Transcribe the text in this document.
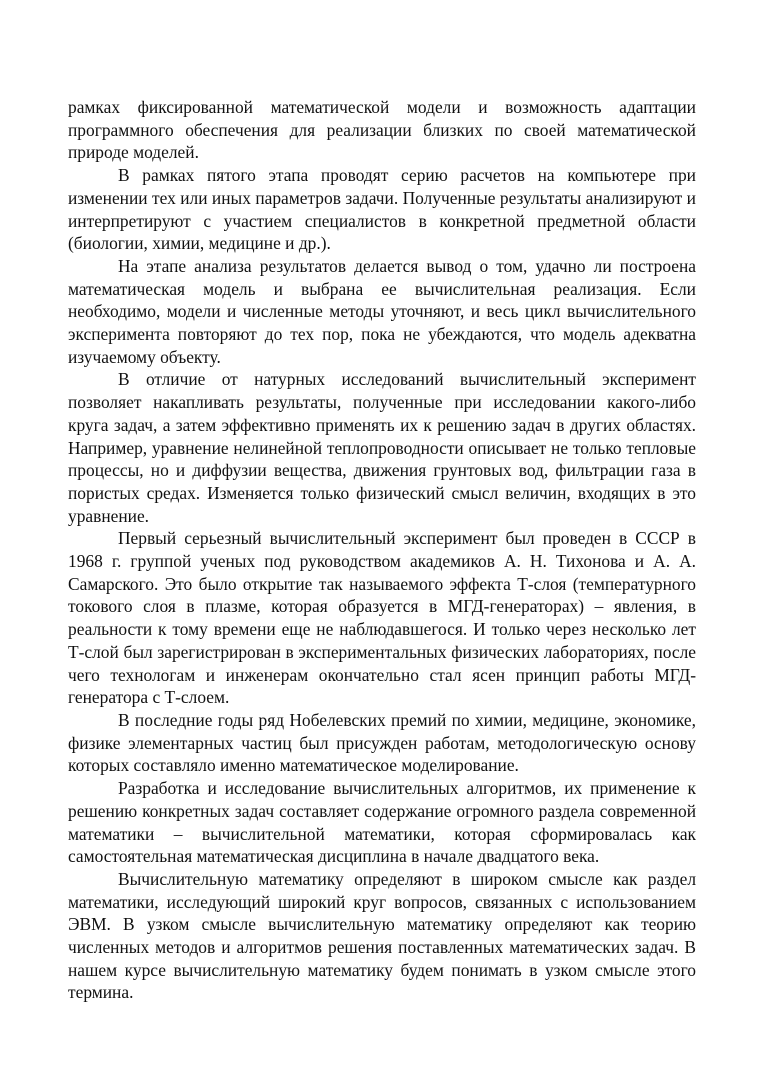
рамках фиксированной математической модели и возможность адаптации программного обеспечения для реализации близких по своей математической природе моделей.

В рамках пятого этапа проводят серию расчетов на компьютере при изменении тех или иных параметров задачи. Полученные результаты анализируют и интерпретируют с участием специалистов в конкретной предметной области (биологии, химии, медицине и др.).

На этапе анализа результатов делается вывод о том, удачно ли построена математическая модель и выбрана ее вычислительная реализация. Если необходимо, модели и численные методы уточняют, и весь цикл вычислительного эксперимента повторяют до тех пор, пока не убеждаются, что модель адекватна изучаемому объекту.

В отличие от натурных исследований вычислительный эксперимент позволяет накапливать результаты, полученные при исследовании какого-либо круга задач, а затем эффективно применять их к решению задач в других областях. Например, уравнение нелинейной теплопроводности описывает не только тепловые процессы, но и диффузии вещества, движения грунтовых вод, фильтрации газа в пористых средах. Изменяется только физический смысл величин, входящих в это уравнение.

Первый серьезный вычислительный эксперимент был проведен в СССР в 1968 г. группой ученых под руководством академиков А. Н. Тихонова и А. А. Самарского. Это было открытие так называемого эффекта Т-слоя (температурного токового слоя в плазме, которая образуется в МГД-генераторах) – явления, в реальности к тому времени еще не наблюдавшегося. И только через несколько лет Т-слой был зарегистрирован в экспериментальных физических лабораториях, после чего технологам и инженерам окончательно стал ясен принцип работы МГД-генератора с Т-слоем.

В последние годы ряд Нобелевских премий по химии, медицине, экономике, физике элементарных частиц был присужден работам, методологическую основу которых составляло именно математическое моделирование.

Разработка и исследование вычислительных алгоритмов, их применение к решению конкретных задач составляет содержание огромного раздела современной математики – вычислительной математики, которая сформировалась как самостоятельная математическая дисциплина в начале двадцатого века.

Вычислительную математику определяют в широком смысле как раздел математики, исследующий широкий круг вопросов, связанных с использованием ЭВМ. В узком смысле вычислительную математику определяют как теорию численных методов и алгоритмов решения поставленных математических задач. В нашем курсе вычислительную математику будем понимать в узком смысле этого термина.
